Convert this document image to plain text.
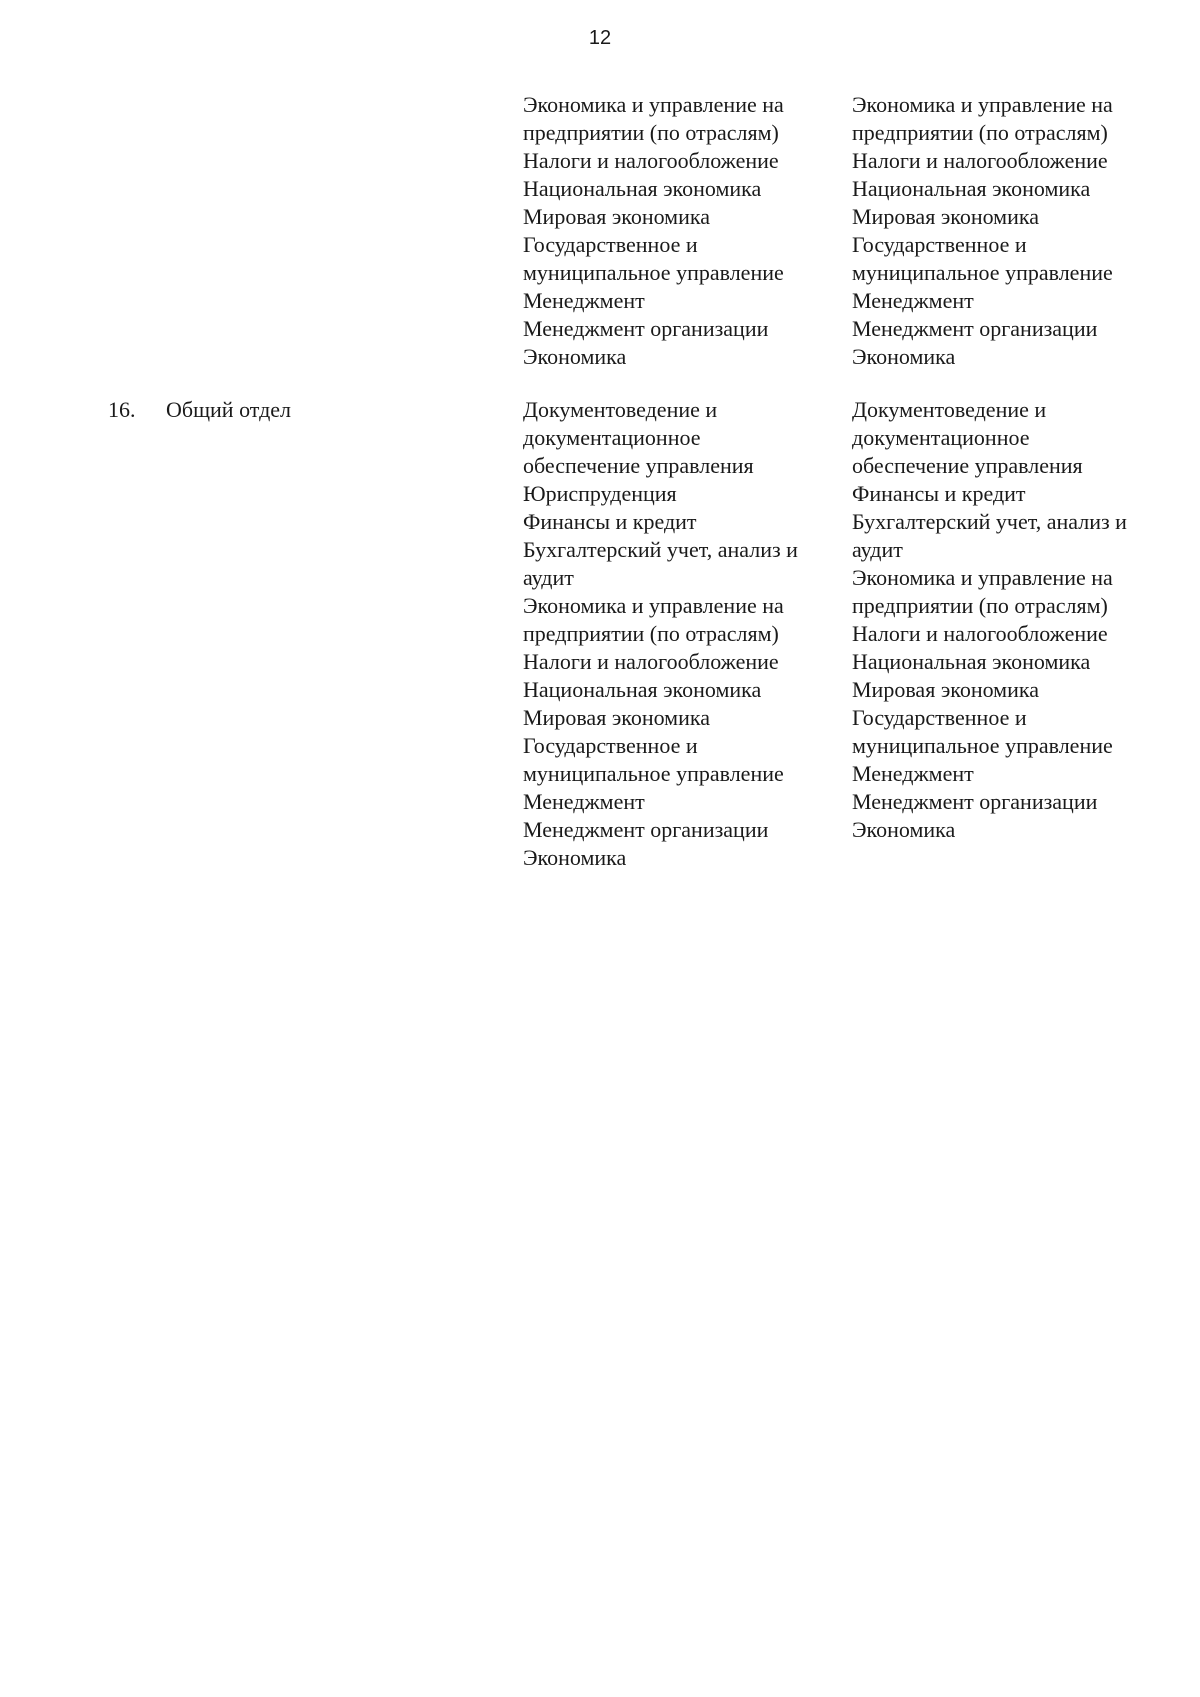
12
Экономика и управление на
предприятии (по отраслям)
Налоги и налогообложение
Национальная экономика
Мировая экономика
Государственное и
муниципальное управление
Менеджмент
Менеджмент организации
Экономика
Экономика и управление на
предприятии (по отраслям)
Налоги и налогообложение
Национальная экономика
Мировая экономика
Государственное и
муниципальное управление
Менеджмент
Менеджмент организации
Экономика
16. Общий отдел	Документоведение и
документационное
обеспечение управления
Юриспруденция
Финансы и кредит
Бухгалтерский учет, анализ и
аудит
Экономика и управление на
предприятии (по отраслям)
Налоги и налогообложение
Национальная экономика
Мировая экономика
Государственное и
муниципальное управление
Менеджмент
Менеджмент организации
Экономика
Документоведение и
документационное
обеспечение управления
Финансы и кредит
Бухгалтерский учет, анализ и
аудит
Экономика и управление на
предприятии (по отраслям)
Налоги и налогообложение
Национальная экономика
Мировая экономика
Государственное и
муниципальное управление
Менеджмент
Менеджмент организации
Экономика
